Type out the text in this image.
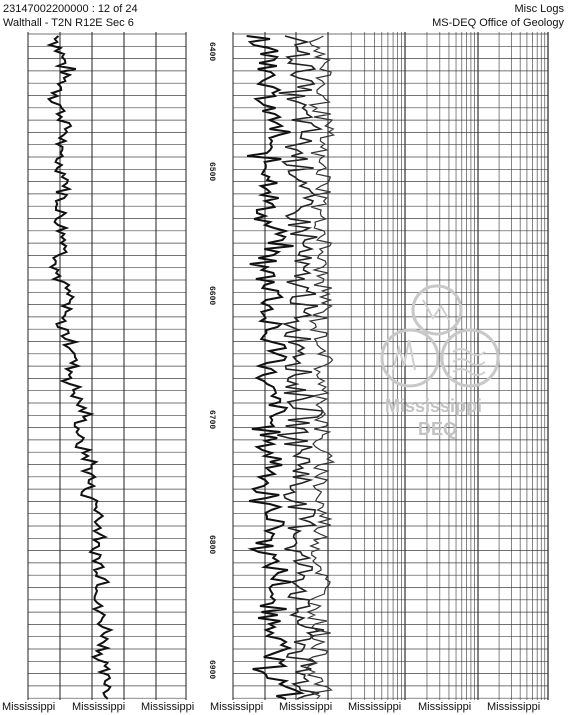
23147002200000 : 12 of 24
Walthall - T2N R12E Sec 6
Misc Logs
MS-DEQ Office of Geology
6400
6500
6600
6700
6800
6900
Mississippi
DEQ
Mississippi Mississippi Mississippi Mississippi Mississippi Mississippi Mississippi Mississippi
